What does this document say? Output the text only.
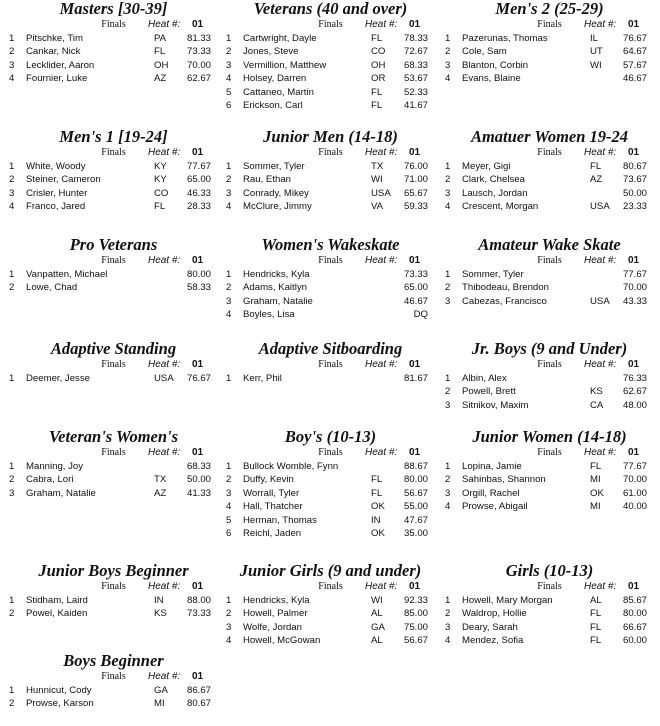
Masters [30-39]
Finals	Heat #: 01
1 Pitschke, Tim	PA 81.33
2 Cankar, Nick	FL 73.33
3 Lecklider, Aaron	OH 70.00
4 Fournier, Luke	AZ 62.67
Men's 1 [19-24]
Finals	Heat #: 01
1 White, Woody	KY 77.67
2 Steiner, Cameron	KY 65.00
3 Crisler, Hunter	CO 46.33
4 Franco, Jared	FL 28.33
Pro Veterans
Finals	Heat #: 01
1 Vanpatten, Michael	80.00
2 Lowe, Chad	58.33
Adaptive Standing
Finals	Heat #: 01
1 Deemer, Jesse	USA 76.67
Veteran's Women's
Finals	Heat #: 01
1 Manning, Joy	68.33
2 Cabra, Lori	TX 50.00
3 Graham, Natalie	AZ 41.33
Junior Boys Beginner
Finals	Heat #: 01
1 Stidham, Laird	IN 88.00
2 Powel, Kaiden	KS 73.33
Boys Beginner
Finals	Heat #: 01
1 Hunnicut, Cody	GA 86.67
2 Prowse, Karson	MI 80.67
Veterans (40 and over)
Finals	Heat #: 01
1 Cartwright, Dayle	FL 78.33
2 Jones, Steve	CO 72.67
3 Vermillion, Matthew	OH 68.33
4 Holsey, Darren	OR 53.67
5 Cattaneo, Martin	FL 52.33
6 Erickson, Carl	FL 41.67
Junior Men (14-18)
Finals	Heat #: 01
1 Sommer, Tyler	TX 76.00
2 Rau, Ethan	WI 71.00
3 Conrady, Mikey	USA 65.67
4 McClure, Jimmy	VA 59.33
Women's Wakeskate
Finals	Heat #: 01
1 Hendricks, Kyla	73.33
2 Adams, Kaitlyn	65.00
3 Graham, Natalie	46.67
4 Boyles, Lisa	DQ
Adaptive Sitboarding
Finals	Heat #: 01
1 Kerr, Phil	81.67
Boy's (10-13)
Finals	Heat #: 01
1 Bullock Womble, Fynn	88.67
2 Duffy, Kevin	FL 80.00
3 Worrall, Tyler	FL 56.67
4 Hall, Thatcher	OK 55.00
5 Herman, Thomas	IN 47.67
6 Reichl, Jaden	OK 35.00
Junior Girls (9 and under)
Finals	Heat #: 01
1 Hendricks, Kyla	WI 92.33
2 Howell, Palmer	AL 85.00
3 Wolfe, Jordan	GA 75.00
4 Howell, McGowan	AL 56.67
Men's 2 (25-29)
Finals	Heat #: 01
1 Pazerunas, Thomas	IL	76.67
2 Cole, Sam	UT 64.67
3 Blanton, Corbin	WI 57.67
4 Evans, Blaine	46.67
Amatuer Women 19-24
Finals	Heat #: 01
1 Meyer, Gigi	FL 80.67
2 Clark, Chelsea	AZ 73.67
3 Lausch, Jordan	50.00
4 Crescent, Morgan	USA 23.33
Amateur Wake Skate
Finals	Heat #: 01
1 Sommer, Tyler	77.67
2 Thibodeau, Brendon	70.00
3 Cabezas, Francisco	USA 43.33
Jr. Boys (9 and Under)
Finals	Heat #: 01
1 Albin, Alex	76.33
2 Powell, Brett	KS 62.67
3 Sitnikov, Maxim	CA 48.00
Junior Women (14-18)
Finals	Heat #: 01
1 Lopina, Jamie	FL 77.67
2 Sahinbas, Shannon	MI 70.00
3 Orgill, Rachel	OK 61.00
4 Prowse, Abigail	MI 40.00
Girls (10-13)
Finals	Heat #: 01
1 Howell, Mary Morgan	AL 85.67
2 Waldrop, Hollie	FL 80.00
3 Deary, Sarah	FL 66.67
4 Mendez, Sofia	FL 60.00
